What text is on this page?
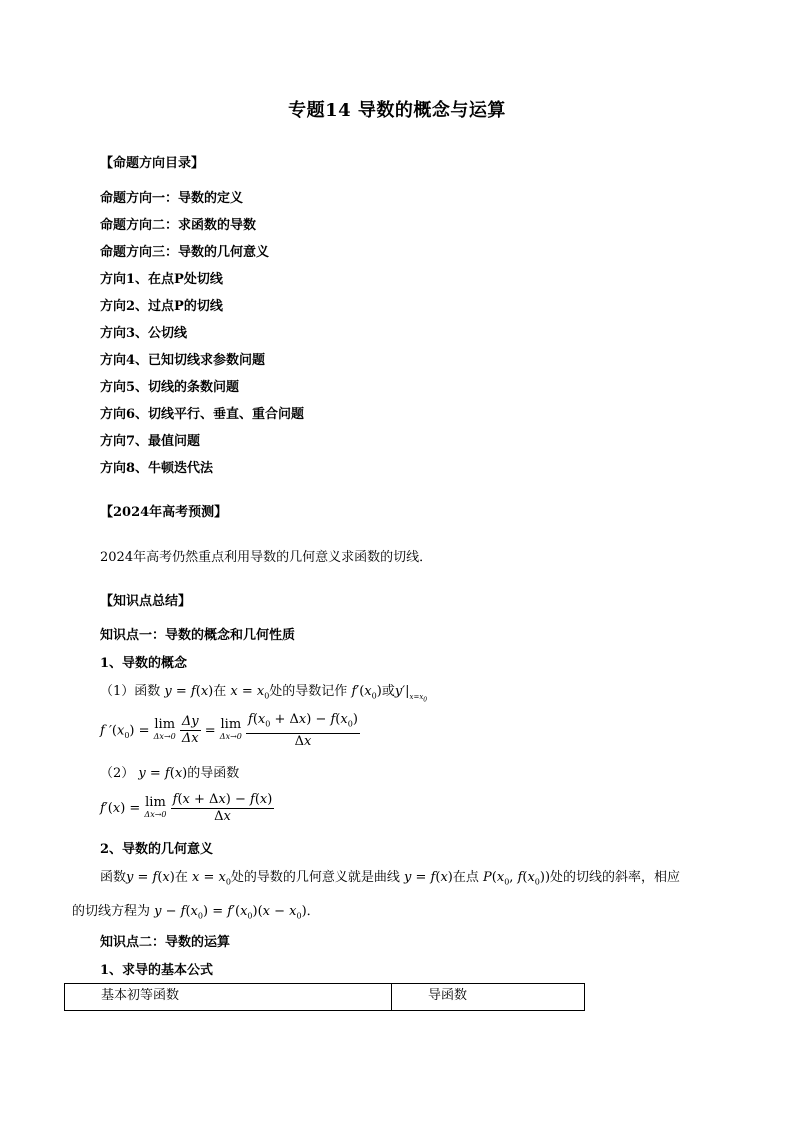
专题14 导数的概念与运算
【命题方向目录】
命题方向一：导数的定义
命题方向二：求函数的导数
命题方向三：导数的几何意义
方向1、在点P处切线
方向2、过点P的切线
方向3、公切线
方向4、已知切线求参数问题
方向5、切线的条数问题
方向6、切线平行、垂直、重合问题
方向7、最值问题
方向8、牛顿迭代法
【2024年高考预测】
2024年高考仍然重点利用导数的几何意义求函数的切线．
【知识点总结】
知识点一：导数的概念和几何性质
1、导数的概念
（1）函数 y = f(x)在 $x = x_0$处的导数记作 $f'(x_0)$或$y'|_{x=x_0}$
f $'(x_0) = \lim$
Δx→0
$\frac{\Delta y}{\Delta x} = \lim$
Δx→0
$\frac{f(x_0 + \Delta x) - f(x_0)}{\Delta x}$
（2） y = f(x)的导函数
f′(x) = lim
Δx→0
$\frac{f(x + \Delta x) - f(x)}{\Delta x}$
2、导数的几何意义
函数y = f(x)在 $x = x_0$处的导数的几何意义就是曲线 y = f(x)在点 $P(x_0$, $f(x_0)$)处的切线的斜率，相应
的切线方程为 $y - f(x_0) = f'(x_0)(x - x_0)$．
知识点二：导数的运算
1、求导的基本公式
基本初等函数	导函数
